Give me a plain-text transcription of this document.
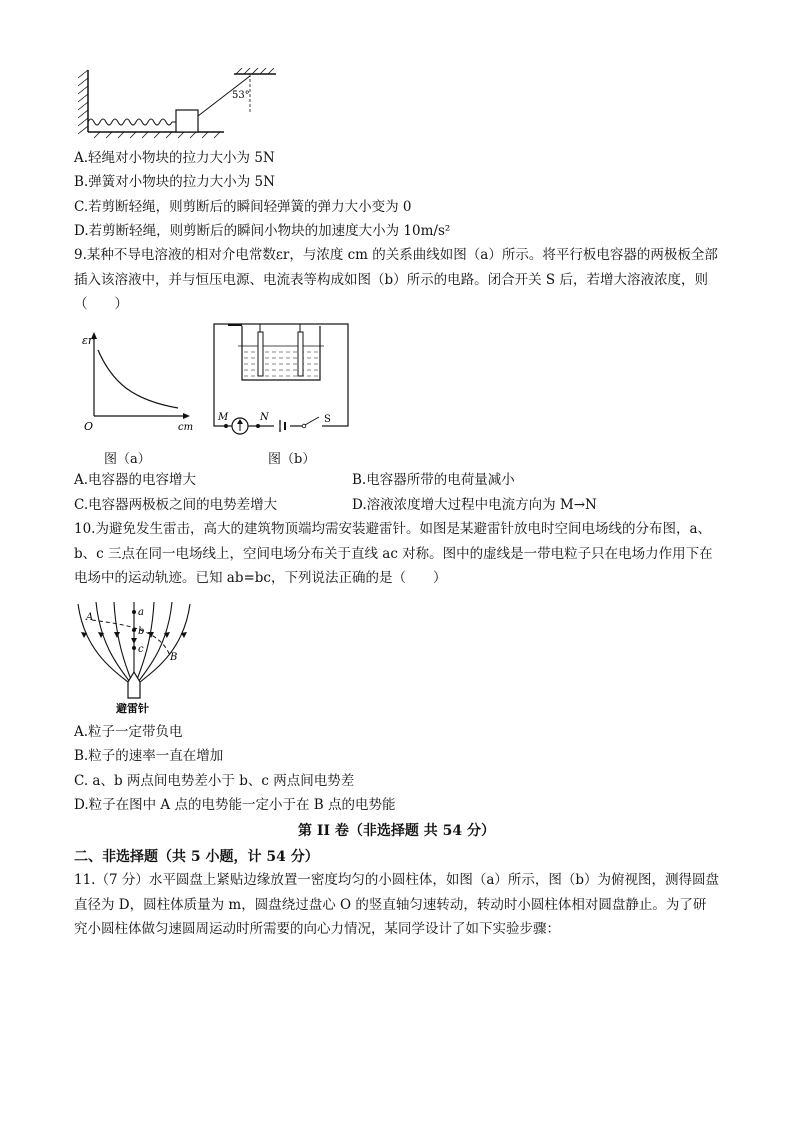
53°
A.轻绳对小物块的拉力大小为 5N
B.弹簧对小物块的拉力大小为 5N
C.若剪断轻绳，则剪断后的瞬间轻弹簧的弹力大小变为 0
D.若剪断轻绳，则剪断后的瞬间小物块的加速度大小为 10m/s²
9.某种不导电溶液的相对介电常数εr，与浓度 cm 的关系曲线如图（a）所示。将平行板电容器的两极板全部
插入该溶液中，并与恒压电源、电流表等构成如图（b）所示的电路。闭合开关 S 后，若增大溶液浓度，则
（　　）
εr
cm
O
M	N	S
图（a）	图（b）
A.电容器的电容增大	B.电容器所带的电荷量减小
C.电容器两极板之间的电势差增大	D.溶液浓度增大过程中电流方向为 M→N
10.为避免发生雷击，高大的建筑物顶端均需安装避雷针。如图是某避雷针放电时空间电场线的分布图，a、
b、c 三点在同一电场线上，空间电场分布关于直线 ac 对称。图中的虚线是一带电粒子只在电场力作用下在
电场中的运动轨迹。已知 ab=bc，下列说法正确的是（　　）
a
b
c
A
B
避雷针
A.粒子一定带负电
B.粒子的速率一直在增加
C. a、b 两点间电势差小于 b、c 两点间电势差
D.粒子在图中 A 点的电势能一定小于在 B 点的电势能
第 II 卷（非选择题 共 54 分）
二、非选择题（共 5 小题，计 54 分）
11.（7 分）水平圆盘上紧贴边缘放置一密度均匀的小圆柱体，如图（a）所示，图（b）为俯视图，测得圆盘
直径为 D，圆柱体质量为 m，圆盘绕过盘心 O 的竖直轴匀速转动，转动时小圆柱体相对圆盘静止。为了研
究小圆柱体做匀速圆周运动时所需要的向心力情况，某同学设计了如下实验步骤：
